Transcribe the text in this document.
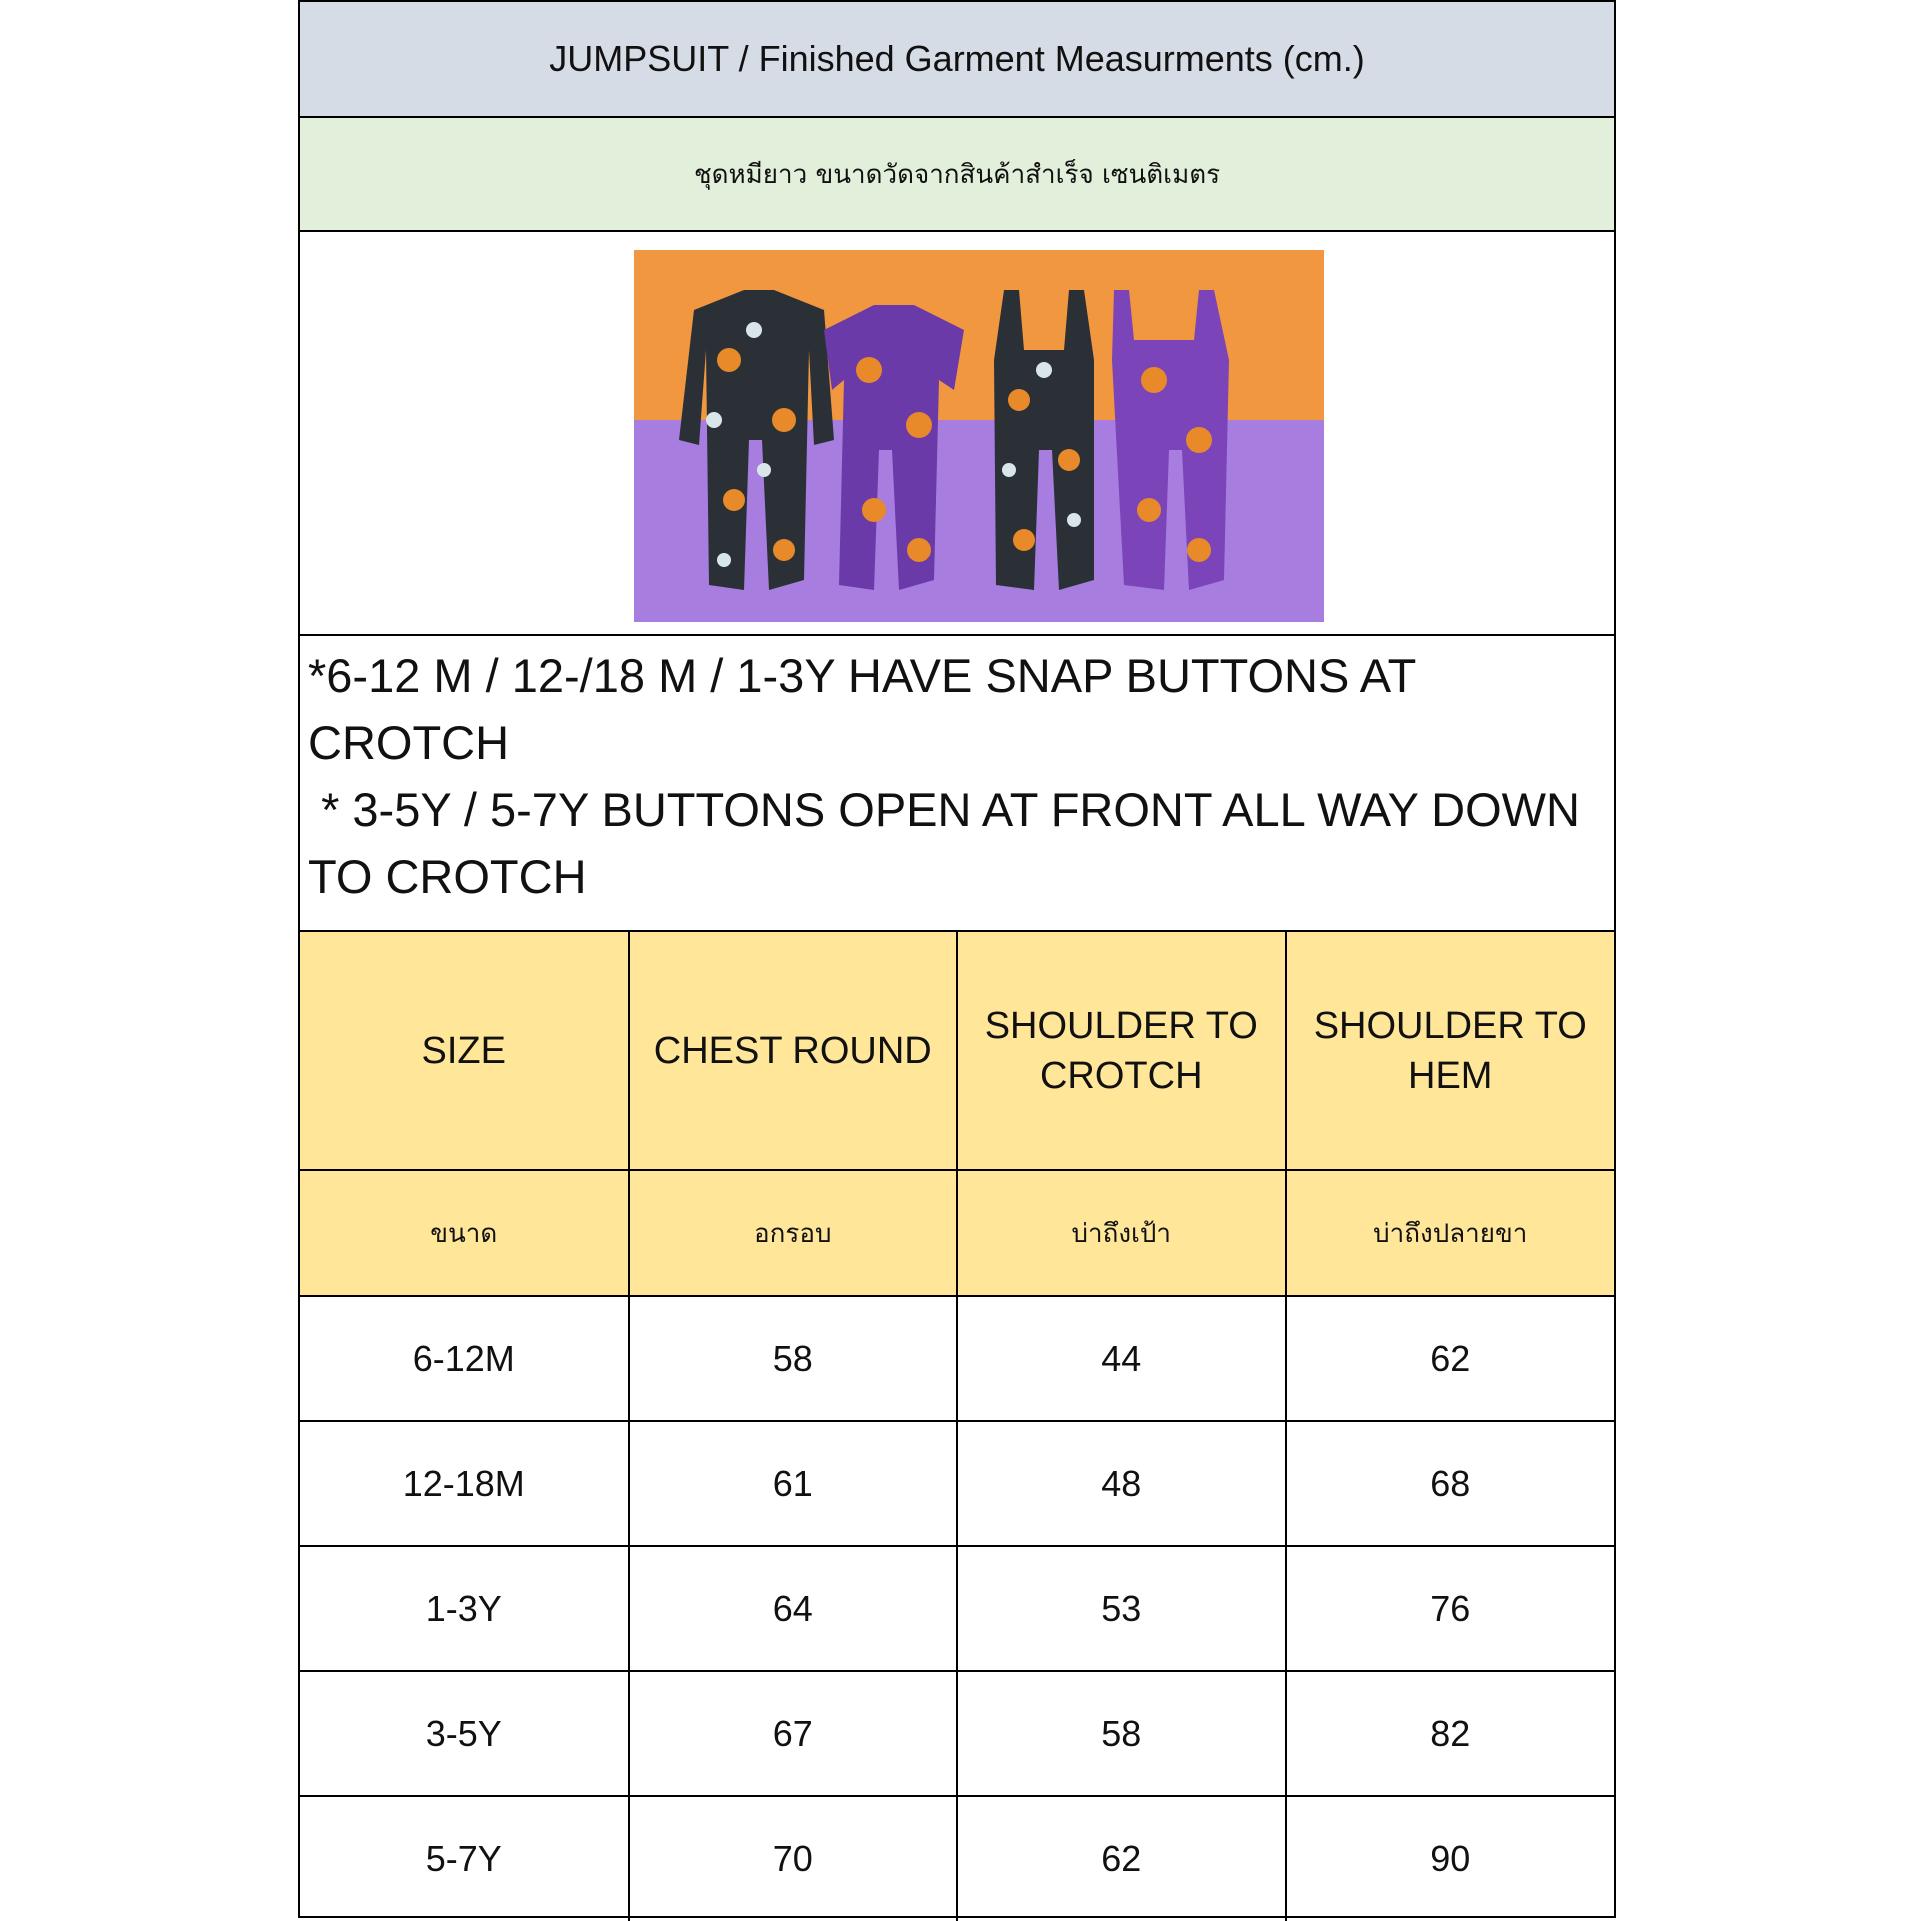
JUMPSUIT / Finished Garment Measurments (cm.)
ชุดหมียาว ขนาดวัดจากสินค้าสำเร็จ เซนติเมตร
*6-12 M / 12-/18 M / 1-3Y HAVE SNAP BUTTONS AT CROTCH
* 3-5Y / 5-7Y BUTTONS OPEN AT FRONT ALL WAY DOWN TO CROTCH
SIZE	CHEST ROUND	SHOULDER TO CROTCH	SHOULDER TO HEM
ขนาด	อกรอบ	บ่าถึงเป้า	บ่าถึงปลายขา
6-12M	58	44	62
12-18M	61	48	68
1-3Y	64	53	76
3-5Y	67	58	82
5-7Y	70	62	90
